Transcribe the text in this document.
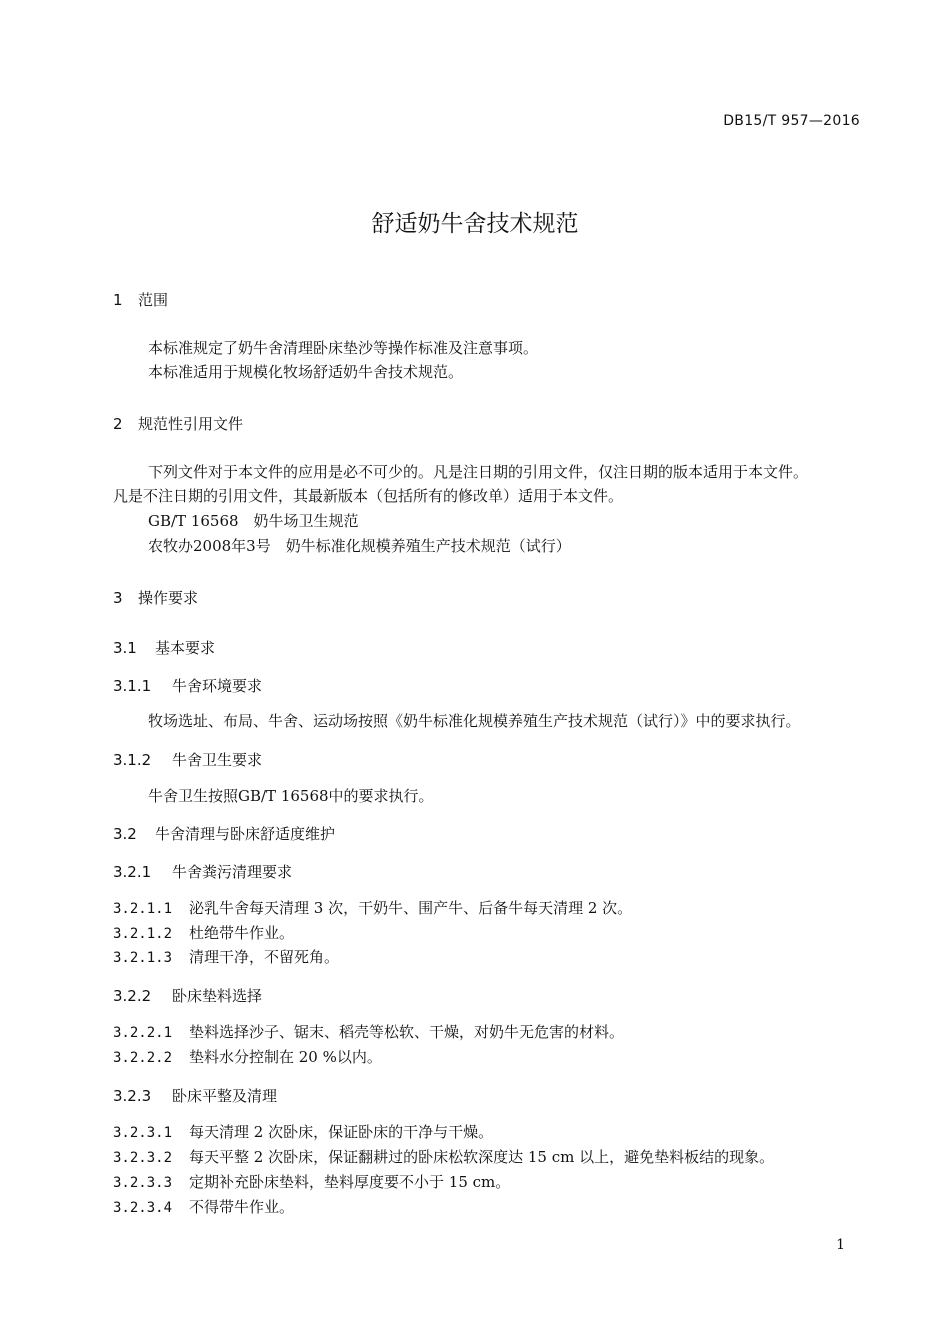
DB15/T 957—2016
舒适奶牛舍技术规范
1 范围
本标准规定了奶牛舍清理卧床垫沙等操作标准及注意事项。
本标准适用于规模化牧场舒适奶牛舍技术规范。
2 规范性引用文件
下列文件对于本文件的应用是必不可少的。凡是注日期的引用文件，仅注日期的版本适用于本文件。
凡是不注日期的引用文件，其最新版本（包括所有的修改单）适用于本文件。
GB/T 16568　奶牛场卫生规范
农牧办2008年3号　奶牛标准化规模养殖生产技术规范（试行）
3 操作要求
3.1 基本要求
3.1.1 牛舍环境要求
牧场选址、布局、牛舍、运动场按照《奶牛标准化规模养殖生产技术规范（试行）》中的要求执行。
3.1.2 牛舍卫生要求
牛舍卫生按照GB/T 16568中的要求执行。
3.2 牛舍清理与卧床舒适度维护
3.2.1 牛舍粪污清理要求
3.2.1.1 泌乳牛舍每天清理 3 次，干奶牛、围产牛、后备牛每天清理 2 次。
3.2.1.2 杜绝带牛作业。
3.2.1.3 清理干净，不留死角。
3.2.2 卧床垫料选择
3.2.2.1 垫料选择沙子、锯末、稻壳等松软、干燥，对奶牛无危害的材料。
3.2.2.2 垫料水分控制在 20 %以内。
3.2.3 卧床平整及清理
3.2.3.1 每天清理 2 次卧床，保证卧床的干净与干燥。
3.2.3.2 每天平整 2 次卧床，保证翻耕过的卧床松软深度达 15 cm 以上，避免垫料板结的现象。
3.2.3.3 定期补充卧床垫料，垫料厚度要不小于 15 cm。
3.2.3.4 不得带牛作业。
1
